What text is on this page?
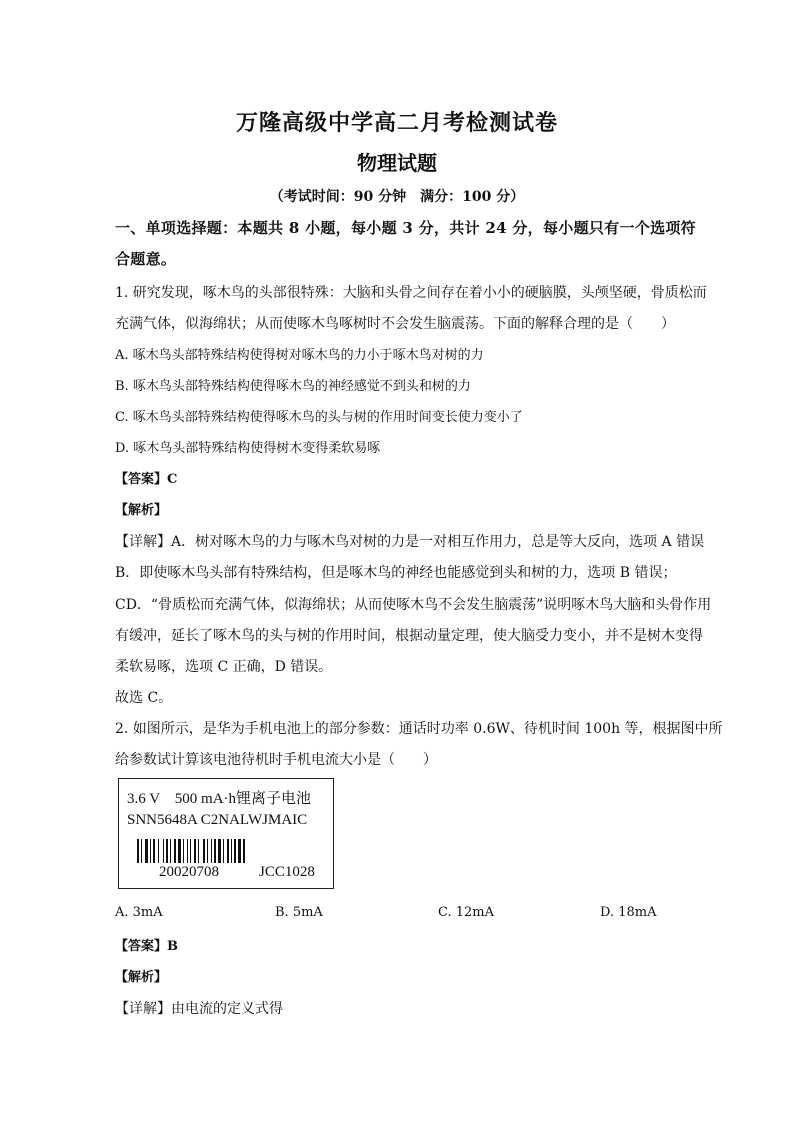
万隆高级中学高二月考检测试卷
物理试题
（考试时间：90 分钟　满分：100 分）
一、单项选择题：本题共 8 小题，每小题 3 分，共计 24 分，每小题只有一个选项符
合题意。
1. 研究发现，啄木鸟的头部很特殊：大脑和头骨之间存在着小小的硬脑膜，头颅坚硬，骨质松而
充满气体，似海绵状；从而使啄木鸟啄树时不会发生脑震荡。下面的解释合理的是（　　）
A. 啄木鸟头部特殊结构使得树对啄木鸟的力小于啄木鸟对树的力
B. 啄木鸟头部特殊结构使得啄木鸟的神经感觉不到头和树的力
C. 啄木鸟头部特殊结构使得啄木鸟的头与树的作用时间变长使力变小了
D. 啄木鸟头部特殊结构使得树木变得柔软易啄
【答案】C
【解析】
【详解】A．树对啄木鸟的力与啄木鸟对树的力是一对相互作用力，总是等大反向，选项 A 错误
B．即使啄木鸟头部有特殊结构，但是啄木鸟的神经也能感觉到头和树的力，选项 B 错误；
CD．“骨质松而充满气体，似海绵状；从而使啄木鸟不会发生脑震荡”说明啄木鸟大脑和头骨作用
有缓冲，延长了啄木鸟的头与树的作用时间，根据动量定理，使大脑受力变小，并不是树木变得
柔软易啄，选项 C 正确，D 错误。
故选 C。
2. 如图所示，是华为手机电池上的部分参数：通话时功率 0.6W、待机时间 100h 等，根据图中所
给参数试计算该电池待机时手机电流大小是（　　）
3.6 V　500 mA·h锂离子电池
SNN5648A C2NALWJMAIC
20020708	JCC1028
A. 3mA	B. 5mA	C. 12mA	D. 18mA
【答案】B
【解析】
【详解】由电流的定义式得
